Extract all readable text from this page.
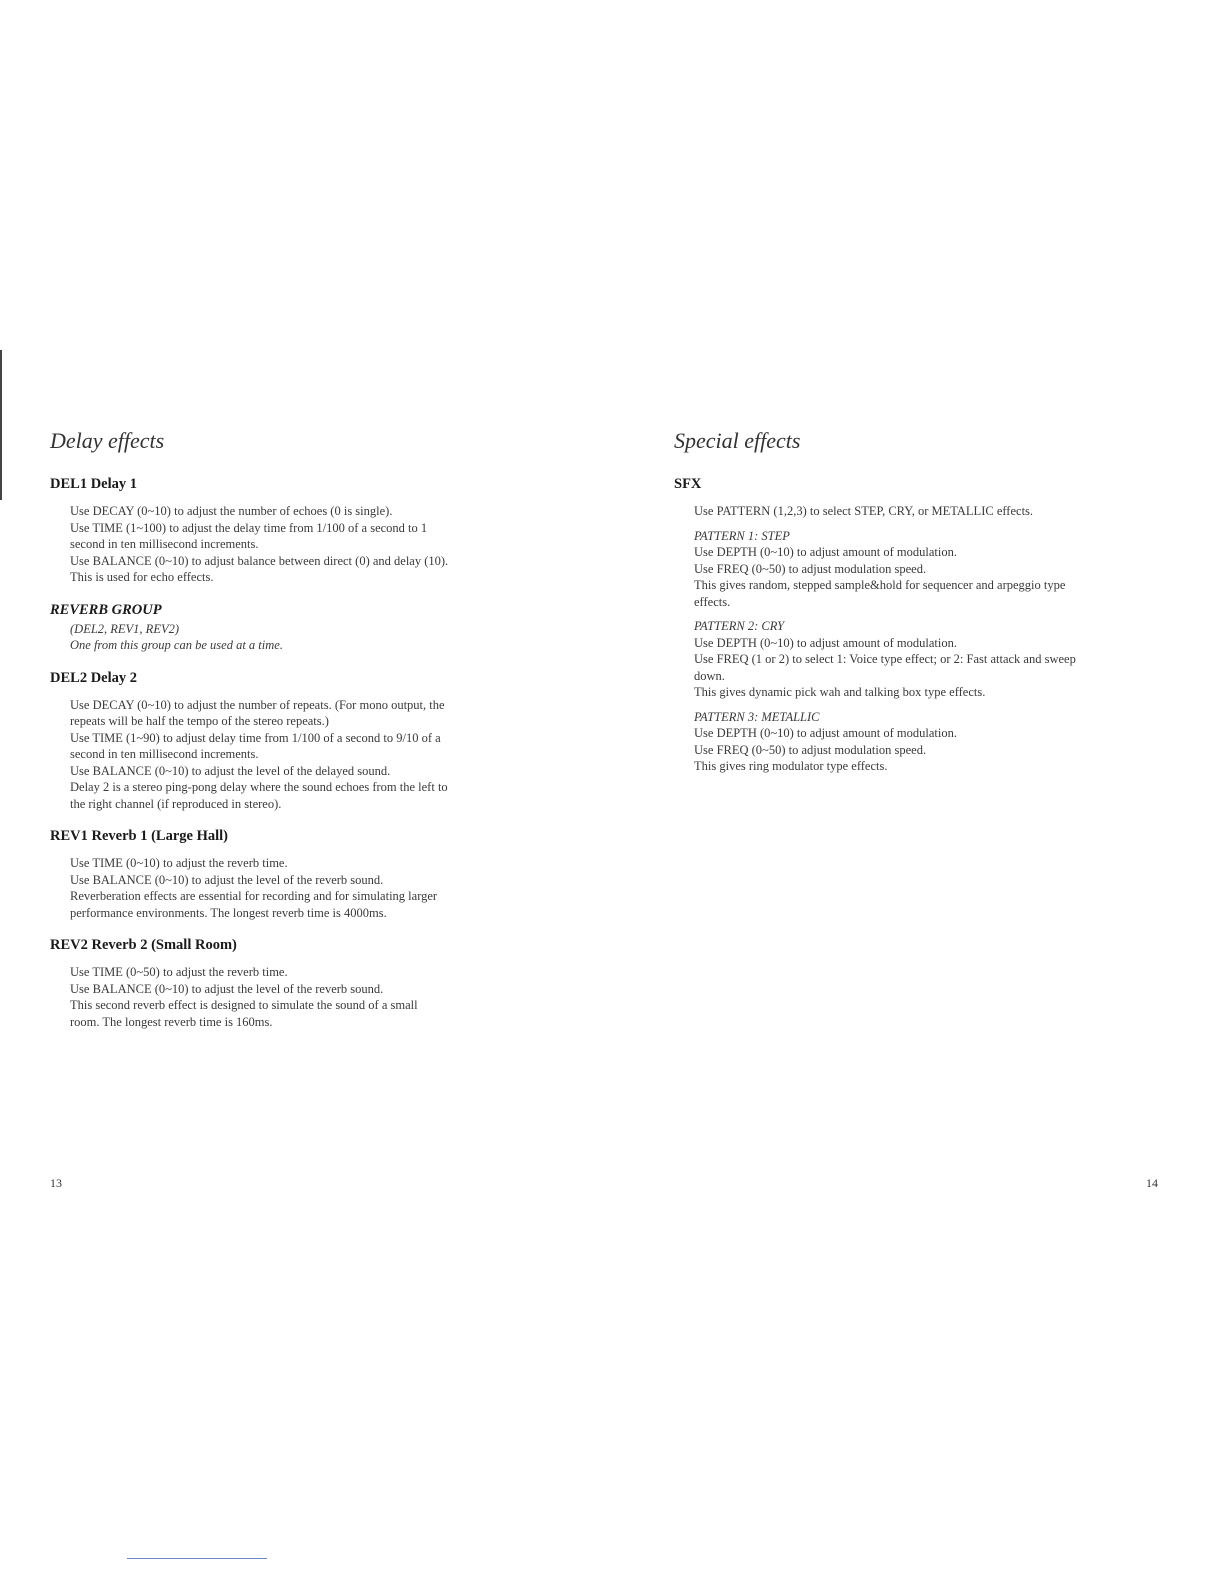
Delay effects
DEL1 Delay 1

Use DECAY (0~10) to adjust the number of echoes (0 is single).

Use TIME (1~100) to adjust the delay time from 1/100 of a second to 1

second in ten millisecond increments.

Use BALANCE (0~10) to adjust balance between direct (0) and delay (10).

This is used for echo effects.

REVERB GROUP

(DEL2, REV1, REV2)

One from this group can be used at a time.

DEL2 Delay 2

Use DECAY (0~10) to adjust the number of repeats. (For mono output, the

repeats will be half the tempo of the stereo repeats.)

Use TIME (1~90) to adjust delay time from 1/100 of a second to 9/10 of a

second in ten millisecond increments.

Use BALANCE (0~10) to adjust the level of the delayed sound.

Delay 2 is a stereo ping-pong delay where the sound echoes from the left to

the right channel (if reproduced in stereo).

REV1 Reverb 1 (Large Hall)

Use TIME (0~10) to adjust the reverb time.

Use BALANCE (0~10) to adjust the level of the reverb sound.

Reverberation effects are essential for recording and for simulating larger

performance environments. The longest reverb time is 4000ms.

REV2 Reverb 2 (Small Room)

Use TIME (0~50) to adjust the reverb time.

Use BALANCE (0~10) to adjust the level of the reverb sound.

This second reverb effect is designed to simulate the sound of a small

room. The longest reverb time is 160ms.

Special effects
SFX

Use PATTERN (1,2,3) to select STEP, CRY, or METALLIC effects.

PATTERN 1: STEP

Use DEPTH (0~10) to adjust amount of modulation.

Use FREQ (0~50) to adjust modulation speed.

This gives random, stepped sample&hold for sequencer and arpeggio type

effects.

PATTERN 2: CRY

Use DEPTH (0~10) to adjust amount of modulation.

Use FREQ (1 or 2) to select 1: Voice type effect; or 2: Fast attack and sweep

down.

This gives dynamic pick wah and talking box type effects.

PATTERN 3: METALLIC

Use DEPTH (0~10) to adjust amount of modulation.

Use FREQ (0~50) to adjust modulation speed.

This gives ring modulator type effects.

13	14
